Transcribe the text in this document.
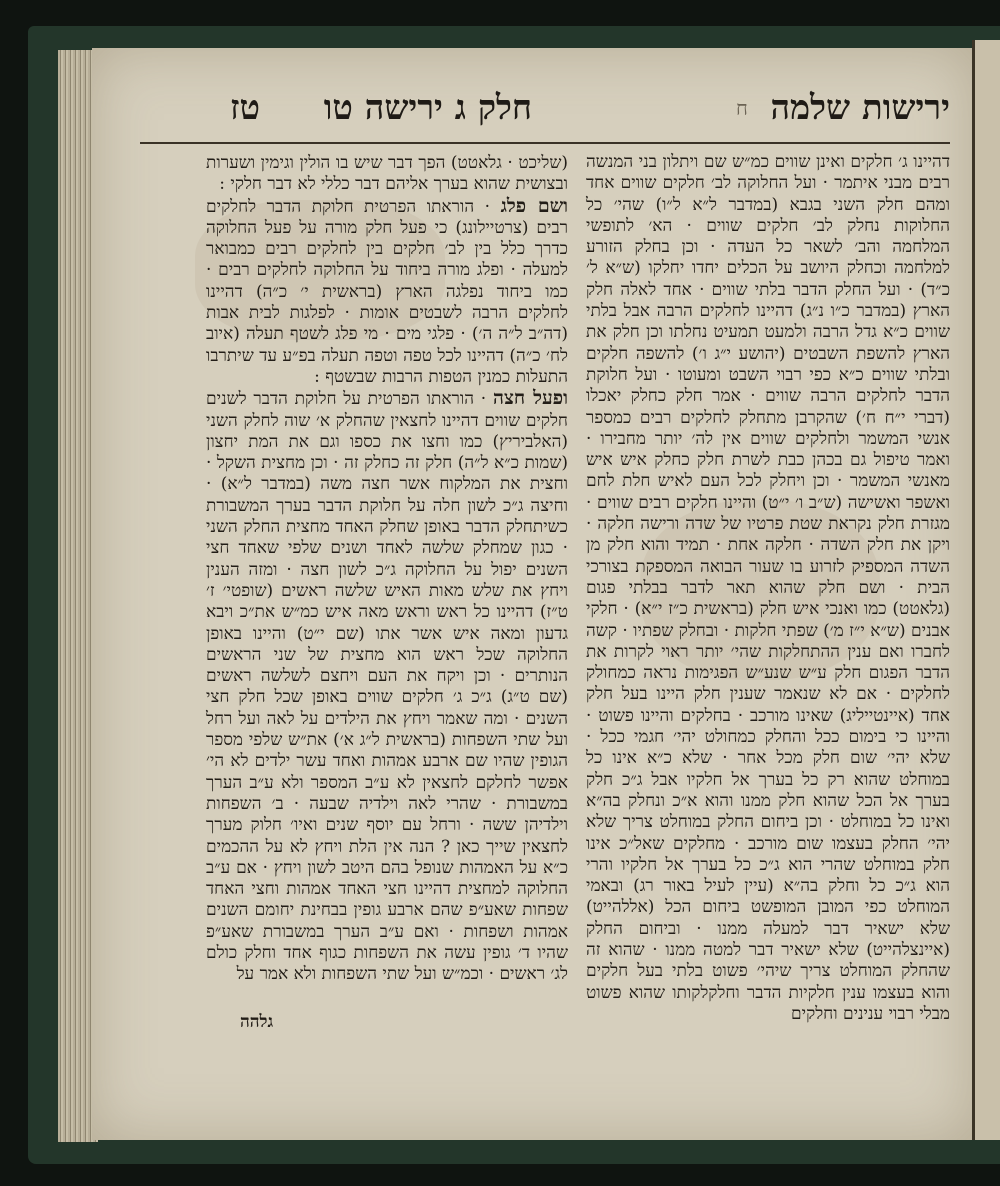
ח ירישות שלמה
חלק ג ירישה טו  טז

דהיינו ג׳ חלקים ואינן שווים כמ״ש שם ויתלון בני המנשה רבים מבני איתמר · ועל החלוקה לב׳ חלקים שווים אחד ומהם חלק השני בגבא (במדבר ל״א ל״ו) שהי׳ כל החלוקות נחלק לב׳ חלקים שווים · הא׳ לתופשי המלחמה והב׳ לשאר כל העדה · וכן בחלק הזורע למלחמה וכחלק היושב על הכלים יחדו יחלקו (ש״א ל׳ כ״ד) · ועל החלק הדבר בלתי שווים · אחד לאלה חלק הארץ (במדבר כ״ו נ״ג) דהיינו לחלקים הרבה אבל בלתי שווים כ״א גדל הרבה ולמעט תמעיט נחלתו וכן חלק את הארץ להשפת השבטים (יהושע י״ג ו׳) להשפה חלקים ובלתי שווים כ״א כפי רבוי השבט ומעוטו · ועל חלוקת הדבר לחלקים הרבה שווים · אמר חלק כחלק יאכלו (דברי י״ח ח׳) שהקרבן מתחלק לחלקים רבים כמספר אנשי המשמר ולחלקים שווים אין לה׳ יותר מחבירו · ואמר טיפול גם בכהן כבת לשרת חלק כחלק איש איש מאנשי המשמר · וכן ויחלק לכל העם לאיש חלת לחם ואשפר ואשישה (ש״ב ו׳ י״ט) והיינו חלקים רבים שווים · מגזרת חלק נקראת שטת פרטיו של שדה ורישה חלקה · ויקן את חלק השדה · חלקה אחת · תמיד והוא חלק מן השדה המספיק לזרוע בו שעור הבואה המספקת בצורכי הבית · ושם חלק שהוא תאר לדבר בבלתי פגום (גלאטט) כמו ואנכי איש חלק (בראשית כ״ז י״א) · חלקי אבנים (ש״א י״ז מ׳) שפתי חלקות · ובחלק שפתיו · קשה לחברו ואם ענין ההתחלקות שהי׳ יותר ראוי לקרות את הדבר הפגום חלק ע״ש שנע״ש הפגימות נראה כמחולק לחלקים · אם לא שנאמר שענין חלק היינו בעל חלק אחד (איינטייליג) שאינו מורכב · בחלקים והיינו פשוט · והיינו כי בימום ככל והחלק כמחולט יהי׳ חגמי ככל · שלא יהי׳ שום חלק מכל אחר · שלא כ״א אינו כל במוחלט שהוא רק כל בערך אל חלקיו אבל ג״כ חלק בערך אל הכל שהוא חלק ממנו והוא א״כ ונחלק בה״א ואינו כל במוחלט · וכן ביחום החלק במוחלט צריך שלא יהי׳ החלק בעצמו שום מורכב · מחלקים שאל״כ אינו חלק במוחלט שהרי הוא ג״כ כל בערך אל חלקיו והרי הוא ג״כ כל וחלק בה״א (עיין לעיל באור רג) ובאמי המוחלט כפי המובן המופשט ביחום הכל (אללהייט) שלא ישאיר דבר למעלה ממנו · וביחום החלק (איינצלהייט) שלא ישאיר דבר למטה ממנו · שהוא זה שהחלק המוחלט צריך שיהי׳ פשוט בלתי בעל חלקים והוא בעצמו ענין חלקיות הדבר וחלקלקותו שהוא פשוט מבלי רבוי ענינים וחלקים

(שליכט · גלאטט) הפך דבר שיש בו הולין וגימין ושערות ובצושית שהוא בערך אליהם דבר כללי לא דבר חלקי :

ושם פלג · הוראתו הפרטית חלוקת הדבר לחלקים רבים (צרטיילונג) כי פעל חלק מורה על פעל החלוקה כדרך כלל בין לב׳ חלקים בין לחלקים רבים כמבואר למעלה · ופלג מורה ביחוד על החלוקה לחלקים רבים · כמו ביחוד נפלגה הארץ (בראשית י׳ כ״ה) דהיינו לחלקים הרבה לשבטים אומות · לפלגות לבית אבות (דה״ב ל״ה ה׳) · פלגי מים · מי פלג לשטף תעלה (איוב לח׳ כ״ה) דהיינו לכל טפה וטפה תעלה בפ״ע עד שיתרבו התעלות כמנין הטפות הרבות שבשטף :

ופעל חצה · הוראתו הפרטית על חלוקת הדבר לשנים חלקים שווים דהיינו לחצאין שהחלק א׳ שוה לחלק השני (האלביריץ) כמו וחצו את כספו וגם את המת יחצון (שמות כ״א ל״ה) חלק זה כחלק זה · וכן מחצית השקל · וחצית את המלקוח אשר חצה משה (במדבר ל״א) · וחיצה ג״כ לשון חלה על חלוקת הדבר בערך המשבורת כשיתחלק הדבר באופן שחלק האחד מחצית החלק השני · כגון שמחלק שלשה לאחד ושנים שלפי שאחד חצי השנים יפול על החלוקה ג״כ לשון חצה · ומזה הענין ויחץ את שלש מאות האיש שלשה ראשים (שופטי׳ ז׳ ט״ז) דהיינו כל ראש וראש מאה איש כמ״ש את״כ ויבא גדעון ומאה איש אשר אתו (שם י״ט) והיינו באופן החלוקה שכל ראש הוא מחצית של שני הראשים הנותרים · וכן ויקח את העם ויחצם לשלשה ראשים (שם ט״ג) ג״כ ג׳ חלקים שווים באופן שכל חלק חצי השנים · ומה שאמר ויחץ את הילדים על לאה ועל רחל ועל שתי השפחות (בראשית ל״ג א׳) את״ש שלפי מספר הגופין שהיו שם ארבע אמהות ואחד עשר ילדים לא הי׳ אפשר לחלקם לחצאין לא ע״ב המספר ולא ע״ב הערך במשבורת · שהרי לאה וילדיה שבעה · ב׳ השפחות וילדיהן ששה · ורחל עם יוסף שנים ואיו׳ חלוק מערך לחצאין שייך כאן ? הנה אין הלת ויחץ לא על ההכמים כ״א על האמהות שנופל בהם היטב לשון ויחץ · אם ע״ב החלוקה למחצית דהיינו חצי האחד אמהות וחצי האחד שפחות שאע״פ שהם ארבע גופין בבחינת יחומם השנים אמהות ושפחות · ואם ע״ב הערך במשבורת שאע״פ שהיו ד׳ גופין עשה את השפחות כגוף אחד וחלק כולם לג׳ ראשים · וכמ״ש ועל שתי השפחות ולא אמר על

גלהה
